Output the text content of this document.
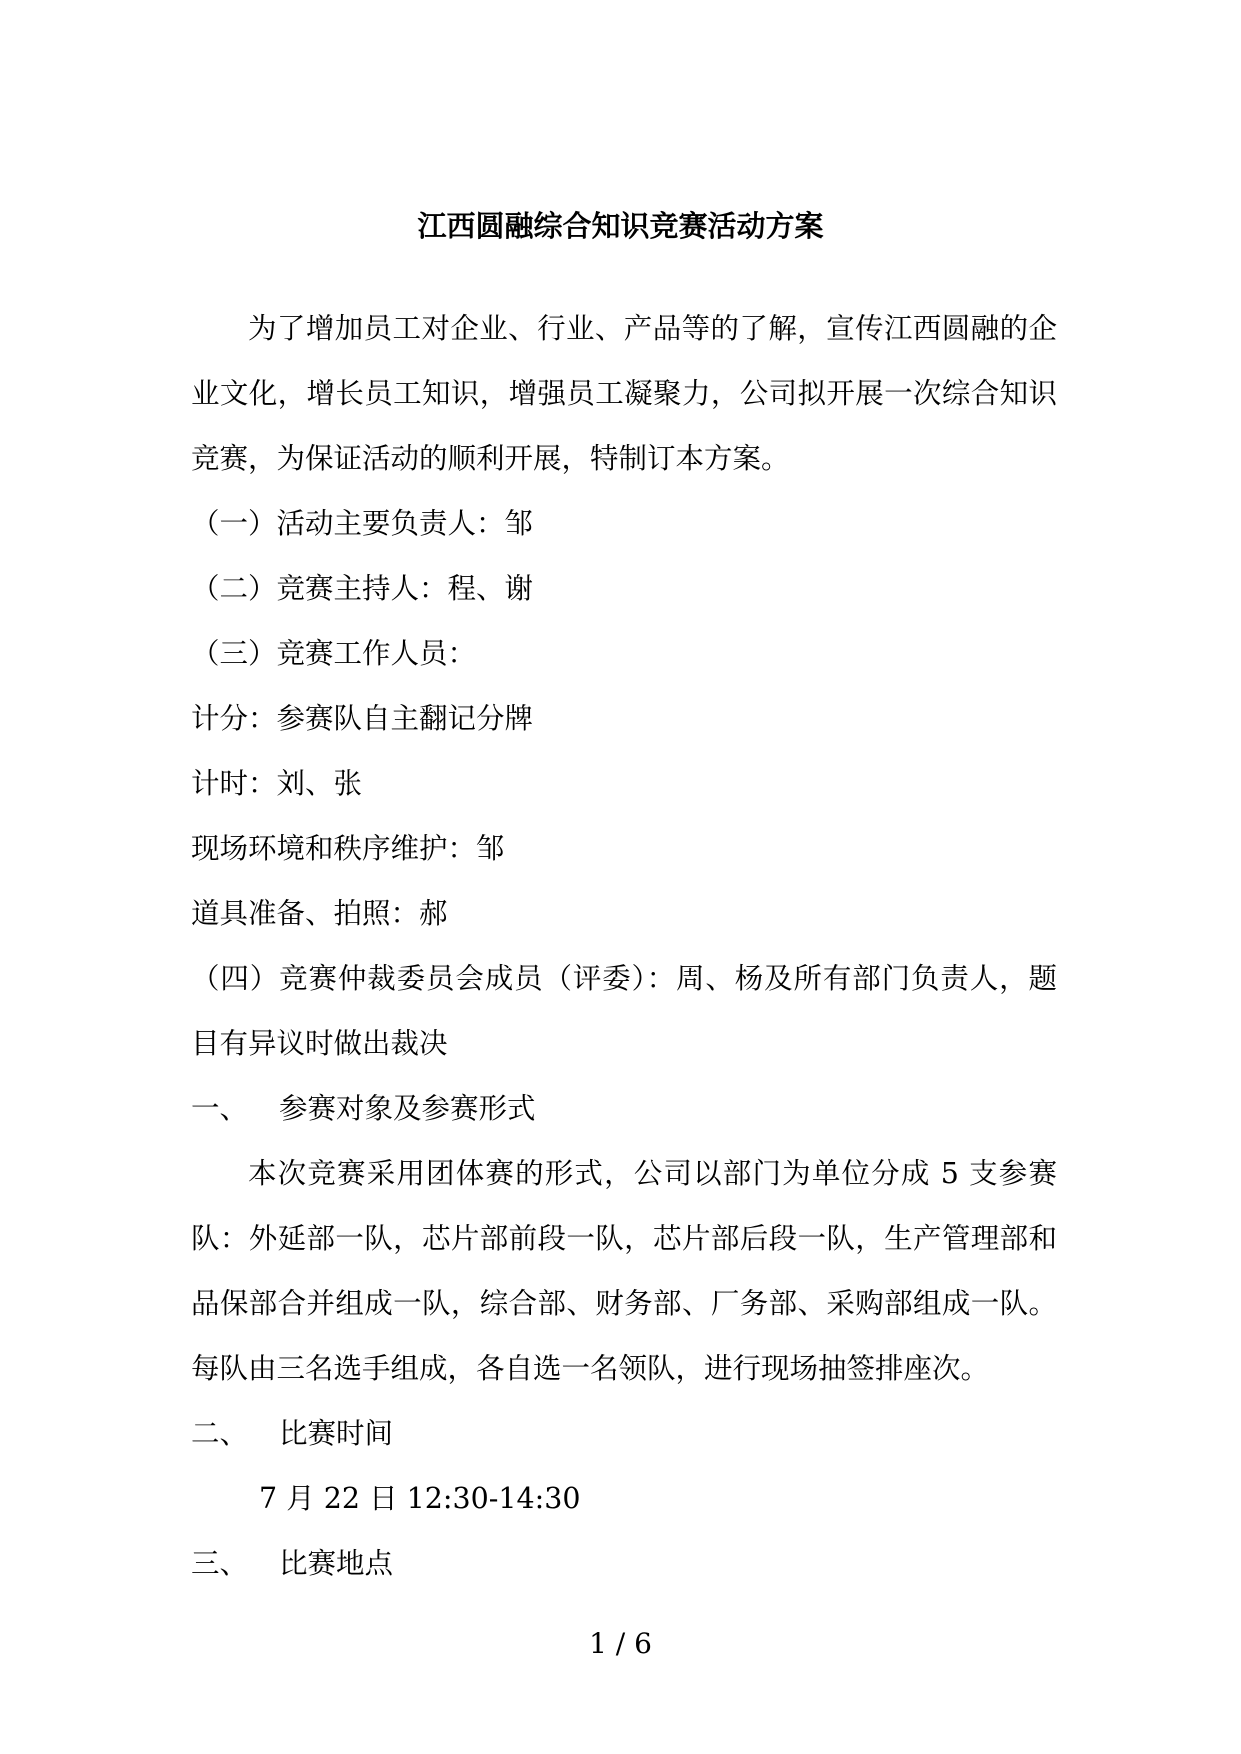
江西圆融综合知识竞赛活动方案
为了增加员工对企业、行业、产品等的了解，宣传江西圆融的企
业文化，增长员工知识，增强员工凝聚力，公司拟开展一次综合知识
竞赛，为保证活动的顺利开展，特制订本方案。
（一）活动主要负责人：邹
（二）竞赛主持人：程、谢
（三）竞赛工作人员：
计分：参赛队自主翻记分牌
计时：刘、张
现场环境和秩序维护：邹
道具准备、拍照：郝
（四）竞赛仲裁委员会成员（评委）：周、杨及所有部门负责人，题
目有异议时做出裁决
一、 参赛对象及参赛形式
本次竞赛采用团体赛的形式，公司以部门为单位分成 5 支参赛
队：外延部一队，芯片部前段一队，芯片部后段一队，生产管理部和
品保部合并组成一队，综合部、财务部、厂务部、采购部组成一队。
每队由三名选手组成，各自选一名领队，进行现场抽签排座次。
二、 比赛时间
7 月 22 日 12:30-14:30
三、 比赛地点
1 / 6
